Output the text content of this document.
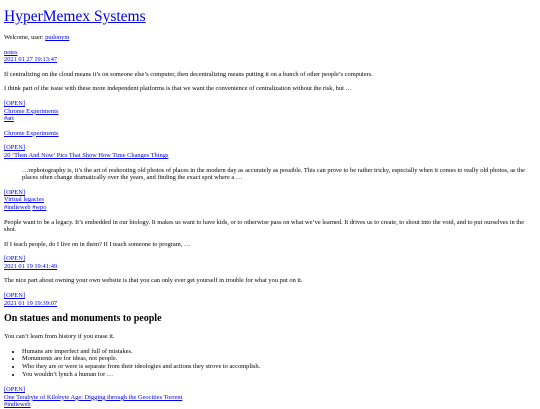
HyperMemex Systems

Welcome, user: pudonym

notes
2021 01 27 19:13:47

If centralizing on the cloud means it’s on someone else’s computer, then decentralizing means putting it on a bunch of other people’s computers.

I think part of the issue with these more independent platforms is that we want the convenience of centralization without the risk, but …

[OPEN]
Chrome Experiments
#art

Chrome Experiments

[OPEN]
20 ‘Then And Now’ Pics That Show How Time Changes Things
…rephotography is, it’s the art of reshooting old photos of places in the modern day as accurately as possible. This can prove to be rather tricky, especially when it comes to really old photos, as the places often change dramatically over the years, and finding the exact spot where a …
[OPEN]
Virtual legacies
#indieweb #wpo

People want to be a legacy. It’s embedded in our biology. It makes us want to have kids, or to otherwise pass on what we’ve learned. It drives us to create, to shout into the void, and to put ourselves in the shot.

If I teach people, do I live on in them? If I teach someone to program, …

[OPEN]
2021 01 19 19:41:49

The nice part about owning your own website is that you can only ever get yourself in trouble for what you put on it.

[OPEN]
2021 01 19 19:39:07
On statues and monuments to people

You can’t learn from history if you erase it.

• Humans are imperfect and full of mistakes.
• Monuments are for ideas, not people.
• Who they are or were is separate from their ideologies and actions they strove to accomplish.
• You wouldn’t lynch a human for …
[OPEN]
One Terabyte of Kilobyte Age: Digging through the Geocities Torrent
#indieweb
